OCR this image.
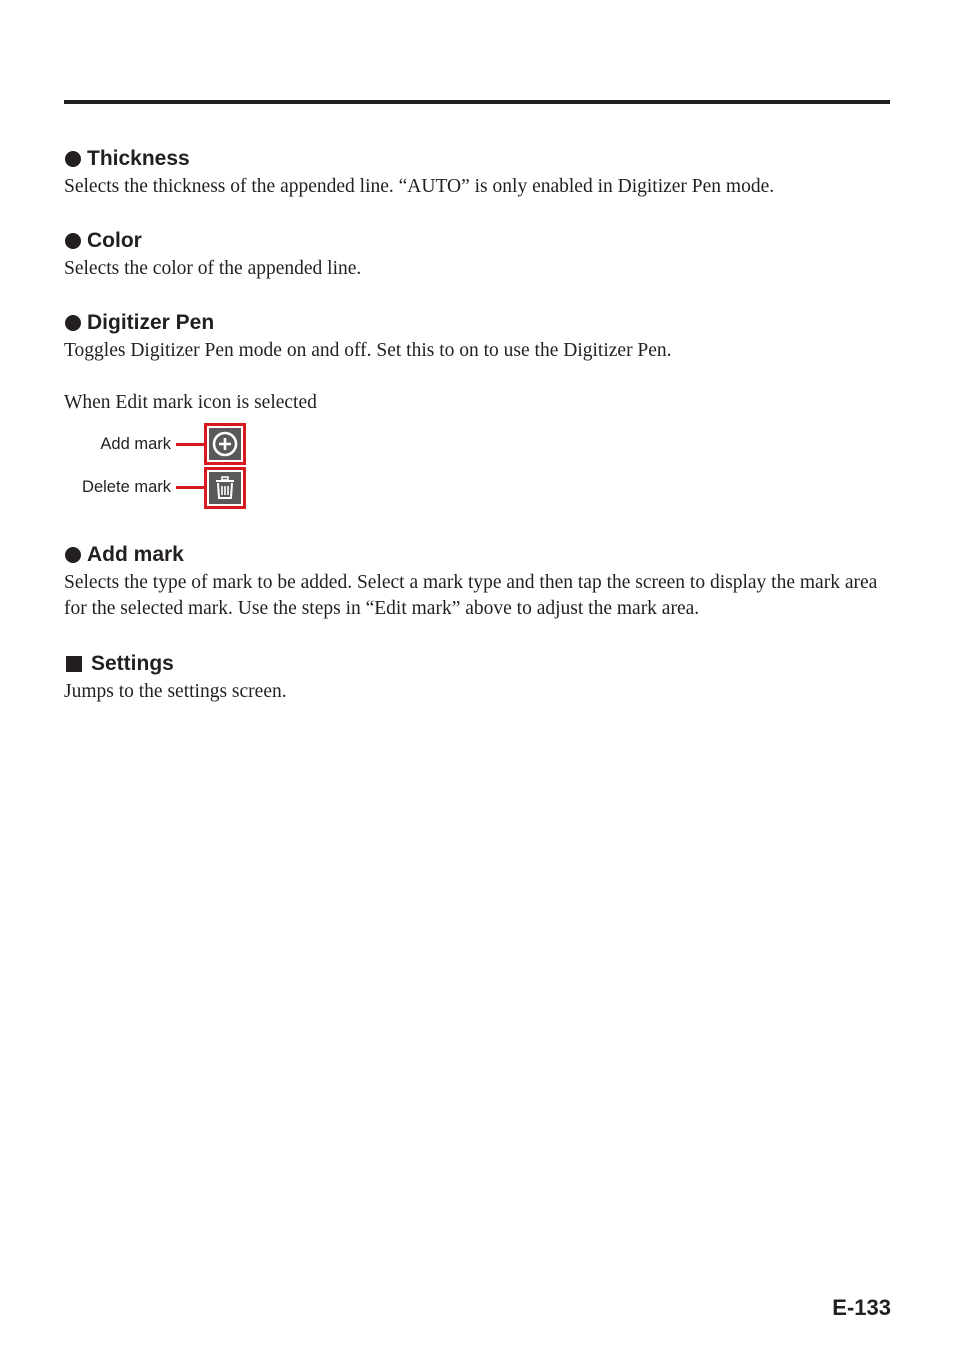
Thickness

Selects the thickness of the appended line. “AUTO” is only enabled in Digitizer Pen mode.

Color

Selects the color of the appended line.

Digitizer Pen

Toggles Digitizer Pen mode on and off. Set this to on to use the Digitizer Pen.

When Edit mark icon is selected
Add mark
Delete mark
Add mark

Selects the type of mark to be added. Select a mark type and then tap the screen to display the mark area for the selected mark. Use the steps in “Edit mark” above to adjust the mark area.

Settings

Jumps to the settings screen.

E-133
